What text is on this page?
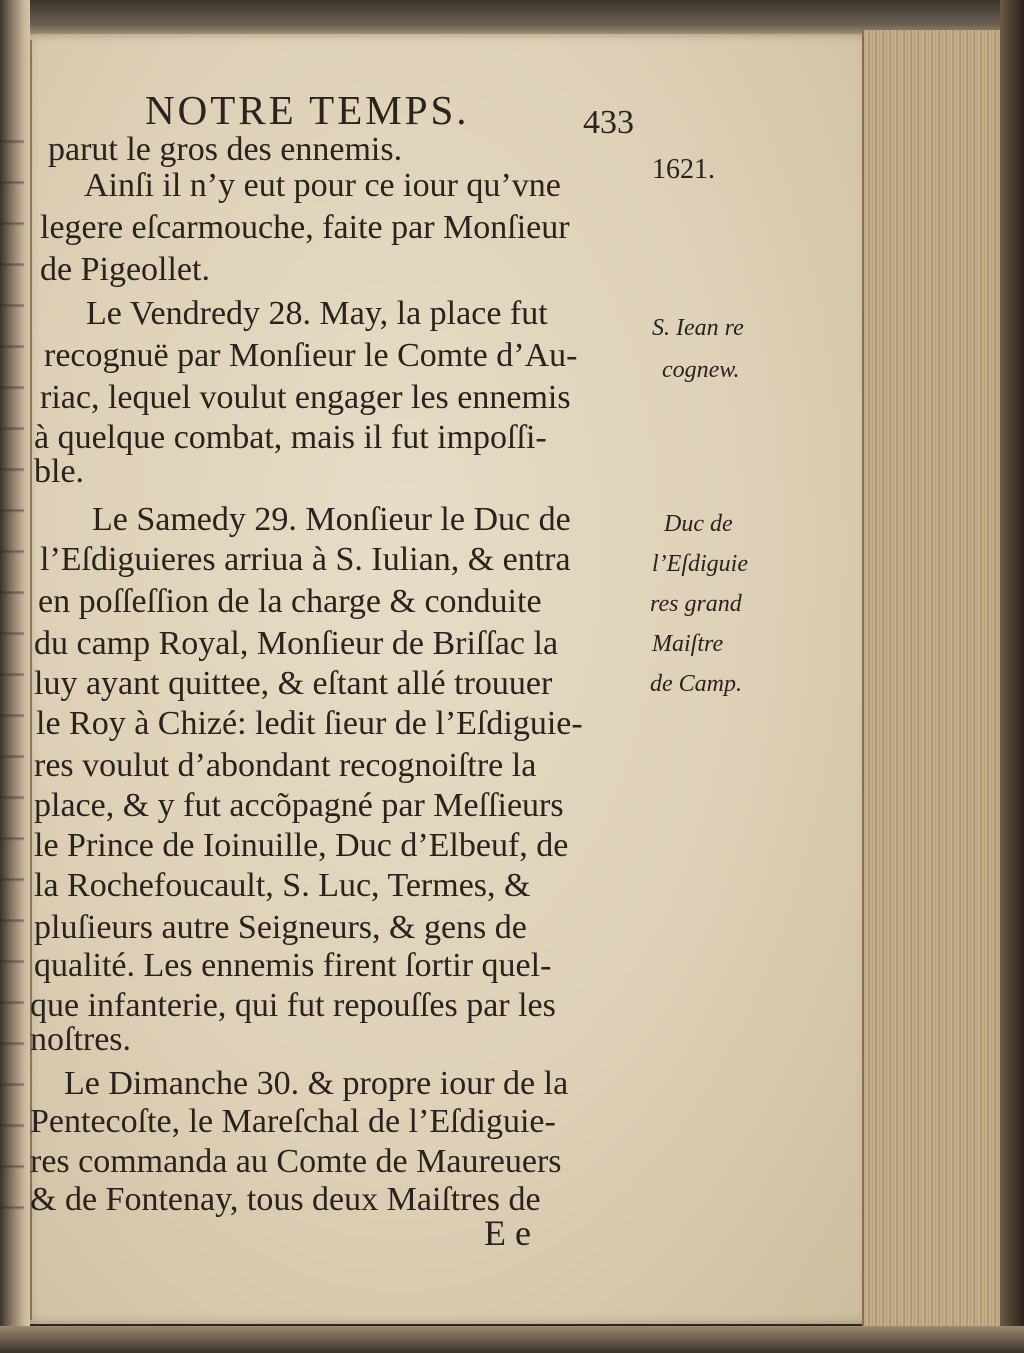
NOTRE TEMPS.	433
parut le gros des ennemis.
Ainſi il n’y eut pour ce iour qu’vne
legere eſcarmouche, faite par Monſieur
de Pigeollet.
Le Vendredy 28. May, la place fut
recognuë par Monſieur le Comte d’Au-
riac, lequel voulut engager les ennemis
à quelque combat, mais il fut impoſſi-
ble.
Le Samedy 29. Monſieur le Duc de
l’Eſdiguieres arriua à S. Iulian, & entra
en poſſeſſion de la charge & conduite
du camp Royal, Monſieur de Briſſac la
luy ayant quittee, & eſtant allé trouuer
le Roy à Chizé: ledit ſieur de l’Eſdiguie-
res voulut d’abondant recognoiſtre la
place, & y fut accõpagné par Meſſieurs
le Prince de Ioinuille, Duc d’Elbeuf, de
la Rochefoucault, S. Luc, Termes, &
pluſieurs autre Seigneurs, & gens de
qualité. Les ennemis firent ſortir quel-
que infanterie, qui fut repouſſes par les
noſtres.
Le Dimanche 30. & propre iour de la
Pentecoſte, le Mareſchal de l’Eſdiguie-
res commanda au Comte de Maureuers
& de Fontenay, tous deux Maiſtres de
1621.
S. Iean re
cognew.
Duc de
l’Eſdiguie
res grand
Maiſtre
de Camp.
E e
